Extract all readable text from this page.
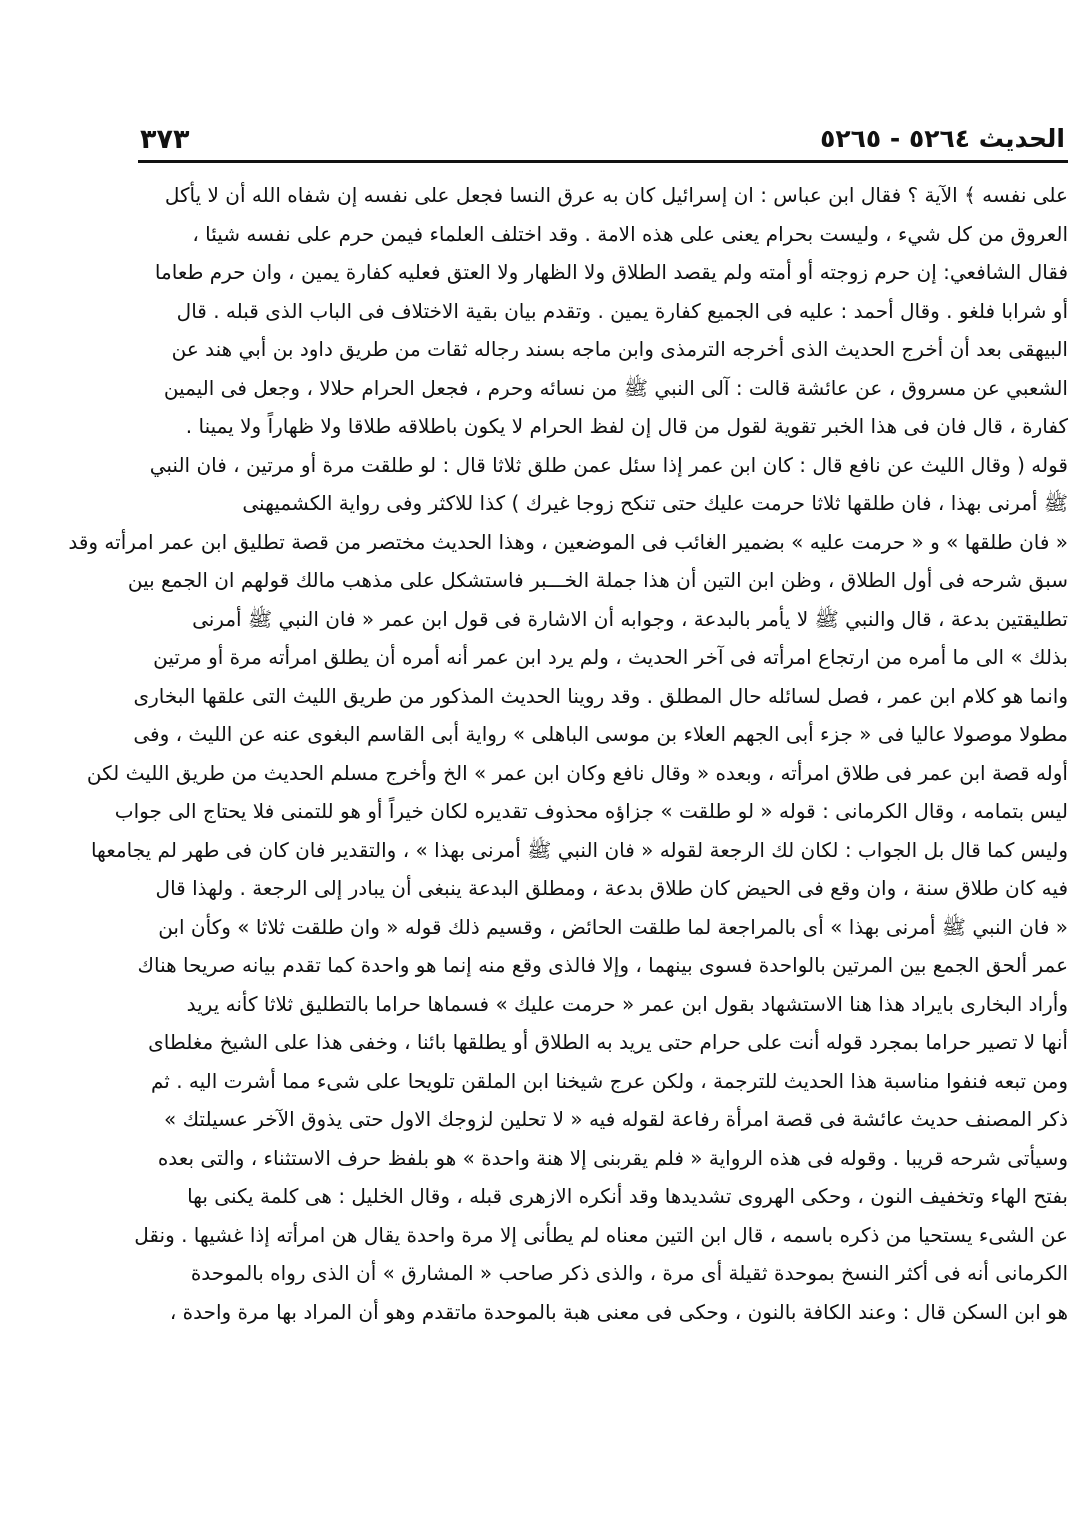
الحديث ٥٢٦٤ - ٥٢٦٥
٣٧٣
على نفسه ﴾ الآية ؟ فقال ابن عباس : ان إسرائيل كان به عرق النسا فجعل على نفسه إن شفاه الله أن لا يأكل
العروق من كل شيء ، وليست بحرام يعنى على هذه الامة . وقد اختلف العلماء فيمن حرم على نفسه شيئا ،
فقال الشافعي: إن حرم زوجته أو أمته ولم يقصد الطلاق ولا الظهار ولا العتق فعليه كفارة يمين ، وان حرم طعاما
أو شرابا فلغو . وقال أحمد : عليه فى الجميع كفارة يمين . وتقدم بيان بقية الاختلاف فى الباب الذى قبله . قال
البيهقى بعد أن أخرج الحديث الذى أخرجه الترمذى وابن ماجه بسند رجاله ثقات من طريق داود بن أبي هند عن
الشعبي عن مسروق ، عن عائشة قالت : آلى النبي ﷺ من نسائه وحرم ، فجعل الحرام حلالا ، وجعل فى اليمين
كفارة ، قال فان فى هذا الخبر تقوية لقول من قال إن لفظ الحرام لا يكون باطلاقه طلاقا ولا ظهاراً ولا يمينا .
قوله ( وقال الليث عن نافع قال : كان ابن عمر إذا سئل عمن طلق ثلاثا قال : لو طلقت مرة أو مرتين ، فان النبي
ﷺ أمرنى بهذا ، فان طلقها ثلاثا حرمت عليك حتى تنكح زوجا غيرك ) كذا للاكثر وفى رواية الكشميهنى
« فان طلقها » و « حرمت عليه » بضمير الغائب فى الموضعين ، وهذا الحديث مختصر من قصة تطليق ابن عمر امرأته وقد
سبق شرحه فى أول الطلاق ، وظن ابن التين أن هذا جملة الخـــبر فاستشكل على مذهب مالك قولهم ان الجمع بين
تطليقتين بدعة ، قال والنبي ﷺ لا يأمر بالبدعة ، وجوابه أن الاشارة فى قول ابن عمر « فان النبي ﷺ أمرنى
بذلك » الى ما أمره من ارتجاع امرأته فى آخر الحديث ، ولم يرد ابن عمر أنه أمره أن يطلق امرأته مرة أو مرتين
وانما هو كلام ابن عمر ، فصل لسائله حال المطلق . وقد روينا الحديث المذكور من طريق الليث التى علقها البخارى
مطولا موصولا عاليا فى « جزء أبى الجهم العلاء بن موسى الباهلى » رواية أبى القاسم البغوى عنه عن الليث ، وفى
أوله قصة ابن عمر فى طلاق امرأته ، وبعده « وقال نافع وكان ابن عمر » الخ وأخرج مسلم الحديث من طريق الليث لكن
ليس بتمامه ، وقال الكرمانى : قوله « لو طلقت » جزاؤه محذوف تقديره لكان خيراً أو هو للتمنى فلا يحتاج الى جواب
وليس كما قال بل الجواب : لكان لك الرجعة لقوله « فان النبي ﷺ أمرنى بهذا » ، والتقدير فان كان فى طهر لم يجامعها
فيه كان طلاق سنة ، وان وقع فى الحيض كان طلاق بدعة ، ومطلق البدعة ينبغى أن يبادر إلى الرجعة . ولهذا قال
« فان النبي ﷺ أمرنى بهذا » أى بالمراجعة لما طلقت الحائض ، وقسيم ذلك قوله « وان طلقت ثلاثا » وكأن ابن
عمر ألحق الجمع بين المرتين بالواحدة فسوى بينهما ، وإلا فالذى وقع منه إنما هو واحدة كما تقدم بيانه صريحا هناك
وأراد البخارى بايراد هذا هنا الاستشهاد بقول ابن عمر « حرمت عليك » فسماها حراما بالتطليق ثلاثا كأنه يريد
أنها لا تصير حراما بمجرد قوله أنت على حرام حتى يريد به الطلاق أو يطلقها بائنا ، وخفى هذا على الشيخ مغلطاى
ومن تبعه فنفوا مناسبة هذا الحديث للترجمة ، ولكن عرج شيخنا ابن الملقن تلويحا على شىء مما أشرت اليه . ثم
ذكر المصنف حديث عائشة فى قصة امرأة رفاعة لقوله فيه « لا تحلين لزوجك الاول حتى يذوق الآخر عسيلتك »
وسيأتى شرحه قريبا . وقوله فى هذه الرواية « فلم يقربنى إلا هنة واحدة » هو بلفظ حرف الاستثناء ، والتى بعده
بفتح الهاء وتخفيف النون ، وحكى الهروى تشديدها وقد أنكره الازهرى قبله ، وقال الخليل : هى كلمة يكنى بها
عن الشىء يستحيا من ذكره باسمه ، قال ابن التين معناه لم يطأنى إلا مرة واحدة يقال هن امرأته إذا غشيها . ونقل
الكرمانى أنه فى أكثر النسخ بموحدة ثقيلة أى مرة ، والذى ذكر صاحب « المشارق » أن الذى رواه بالموحدة
هو ابن السكن قال : وعند الكافة بالنون ، وحكى فى معنى هبة بالموحدة ماتقدم وهو أن المراد بها مرة واحدة ،
